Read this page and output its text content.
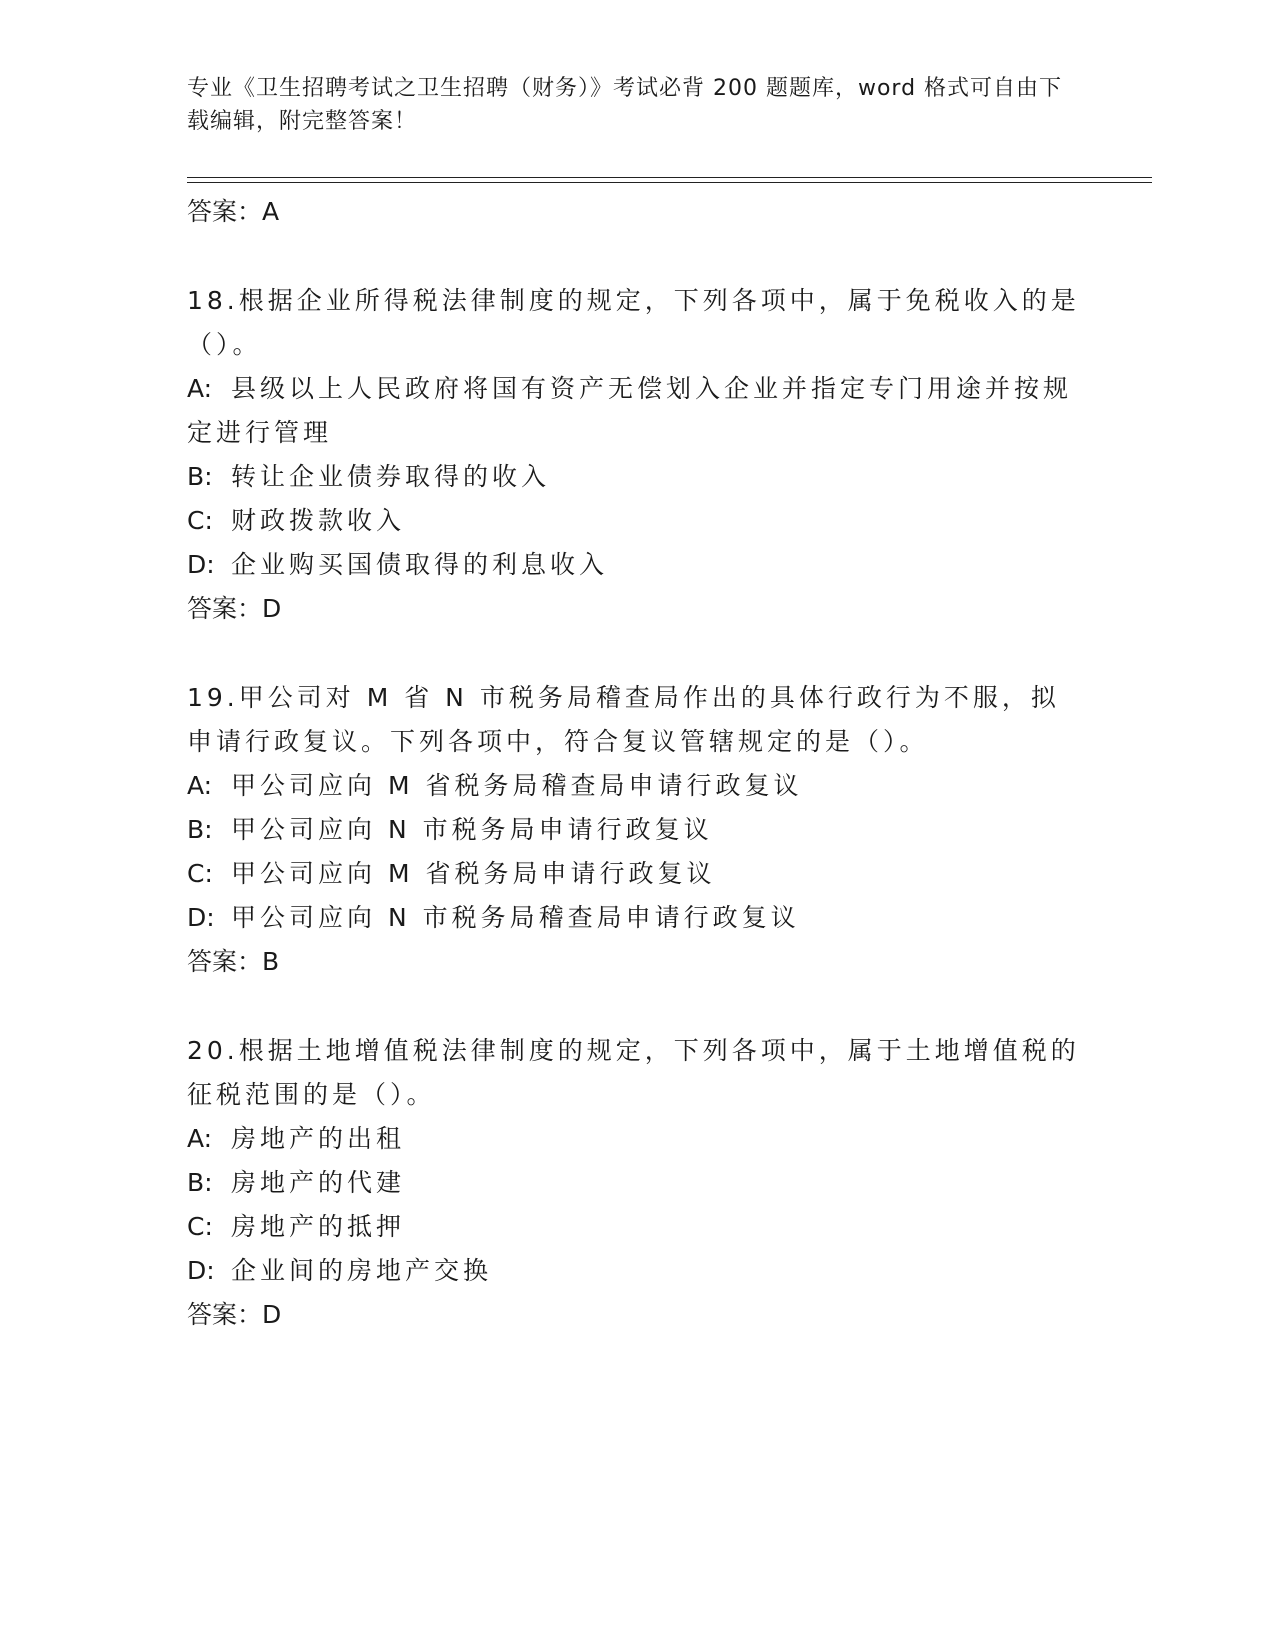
专业《卫生招聘考试之卫生招聘（财务）》考试必背 200 题题库，word 格式可自由下载编辑，附完整答案！
答案：A

18.根据企业所得税法律制度的规定，下列各项中，属于免税收入的是（）。

A: 县级以上人民政府将国有资产无偿划入企业并指定专门用途并按规定进行管理

B: 转让企业债券取得的收入

C: 财政拨款收入

D: 企业购买国债取得的利息收入

答案：D

19.甲公司对 M 省 N 市税务局稽查局作出的具体行政行为不服，拟申请行政复议。下列各项中，符合复议管辖规定的是（）。

A: 甲公司应向 M 省税务局稽查局申请行政复议

B: 甲公司应向 N 市税务局申请行政复议

C: 甲公司应向 M 省税务局申请行政复议

D: 甲公司应向 N 市税务局稽查局申请行政复议

答案：B

20.根据土地增值税法律制度的规定，下列各项中，属于土地增值税的征税范围的是（）。

A: 房地产的出租

B: 房地产的代建

C: 房地产的抵押

D: 企业间的房地产交换

答案：D
